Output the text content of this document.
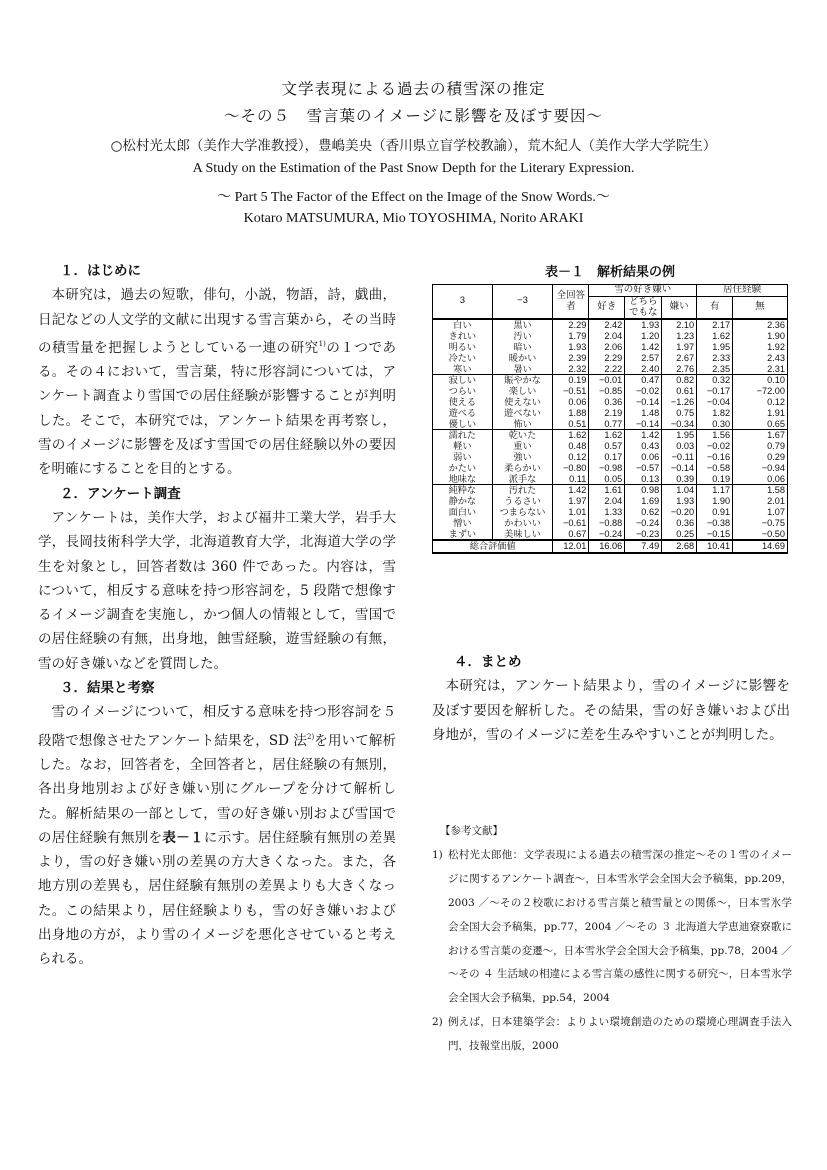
文学表現による過去の積雪深の推定
～その５　雪言葉のイメージに影響を及ぼす要因～
○松村光太郎（美作大学准教授），豊嶋美央（香川県立盲学校教諭），荒木紀人（美作大学大学院生）
A Study on the Estimation of the Past Snow Depth for the Literary Expression.
～ Part 5 The Factor of the Effect on the Image of the Snow Words.～
Kotaro MATSUMURA, Mio TOYOSHIMA, Norito ARAKI
１．はじめに

本研究は，過去の短歌，俳句，小説，物語，詩，戯曲，日記などの人文学的文献に出現する雪言葉から，その当時の積雪量を把握しようとしている一連の研究$^{1)}$の１つである。その４において，雪言葉，特に形容詞については，アンケート調査より雪国での居住経験が影響することが判明した。そこで，本研究では，アンケート結果を再考察し，雪のイメージに影響を及ぼす雪国での居住経験以外の要因を明確にすることを目的とする。

２．アンケート調査

アンケートは，美作大学，および福井工業大学，岩手大学，長岡技術科学大学，北海道教育大学，北海道大学の学生を対象とし，回答者数は 360 件であった。内容は，雪について，相反する意味を持つ形容詞を，5 段階で想像するイメージ調査を実施し，かつ個人の情報として，雪国での居住経験の有無，出身地，蝕雪経験，遊雪経験の有無，雪の好き嫌いなどを質問した。

３．結果と考察

雪のイメージについて，相反する意味を持つ形容詞を５段階で想像させたアンケート結果を，SD 法$^{2)}$を用いて解析した。なお，回答者を，全回答者と，居住経験の有無別，各出身地別および好き嫌い別にグループを分けて解析した。解析結果の一部として，雪の好き嫌い別および雪国での居住経験有無別を表－１に示す。居住経験有無別の差異より，雪の好き嫌い別の差異の方大きくなった。また，各地方別の差異も，居住経験有無別の差異よりも大きくなった。この結果より，居住経験よりも，雪の好き嫌いおよび出身地の方が，より雪のイメージを悪化させていると考えられる。

表－１　解析結果の例
3	−3	全回答者	雪の好き嫌い			居住経験	
			好き	どちらでもな	嫌い	有	無
白い	黒い	2.29	2.42	1.93	2.10	2.17	2.36
きれい	汚い	1.79	2.04	1.20	1.23	1.62	1.90
明るい	暗い	1.93	2.06	1.42	1.97	1.95	1.92
冷たい	暖かい	2.39	2.29	2.57	2.67	2.33	2.43
寒い	暑い	2.32	2.22	2.40	2.76	2.35	2.31
寂しい	賑やかな	0.19	−0.01	0.47	0.82	0.32	0.10
つらい	楽しい	−0.51	−0.85	−0.02	0.61	−0.17	−72.00
使える	使えない	0.06	0.36	−0.14	−1.26	−0.04	0.12
遊べる	遊べない	1.88	2.19	1.48	0.75	1.82	1.91
優しい	怖い	0.51	0.77	−0.14	−0.34	0.30	0.65
濡れた	乾いた	1.62	1.62	1.42	1.95	1.56	1.67
軽い	重い	0.48	0.57	0.43	0.03	−0.02	0.79
弱い	強い	0.12	0.17	0.06	−0.11	−0.16	0.29
かたい	柔らかい	−0.80	−0.98	−0.57	−0.14	−0.58	−0.94
地味な	派手な	0.11	0.05	0.13	0.39	0.19	0.06
純粋な	汚れた	1.42	1.61	0.98	1.04	1.17	1.58
静かな	うるさい	1.97	2.04	1.69	1.93	1.90	2.01
面白い	つまらない	1.01	1.33	0.62	−0.20	0.91	1.07
憎い	かわいい	−0.61	−0.88	−0.24	0.36	−0.38	−0.75
まずい	美味しい	0.67	−0.24	−0.23	0.25	−0.15	−0.50
総合評価値		12.01	16.06	7.49	2.68	10.41	14.69
４．まとめ

本研究は，アンケート結果より，雪のイメージに影響を及ぼす要因を解析した。その結果，雪の好き嫌いおよび出身地が，雪のイメージに差を生みやすいことが判明した。

【参考文献】
1) 松村光太郎他：文学表現による過去の積雪深の推定～その１雪のイメージに関するアンケート調査～，日本雪氷学会全国大会予稿集，pp.209，2003 ／～その２校歌における雪言葉と積雪量との関係～，日本雪氷学会全国大会予稿集，pp.77，2004 ／～その ３ 北海道大学恵迪寮寮歌における雪言葉の変遷～，日本雪氷学会全国大会予稿集，pp.78，2004 ／～その ４ 生活域の相違による雪言葉の感性に関する研究～，日本雪氷学会全国大会予稿集，pp.54，2004
2) 例えば，日本建築学会：よりよい環境創造のための環境心理調査手法入門，技報堂出版，2000
